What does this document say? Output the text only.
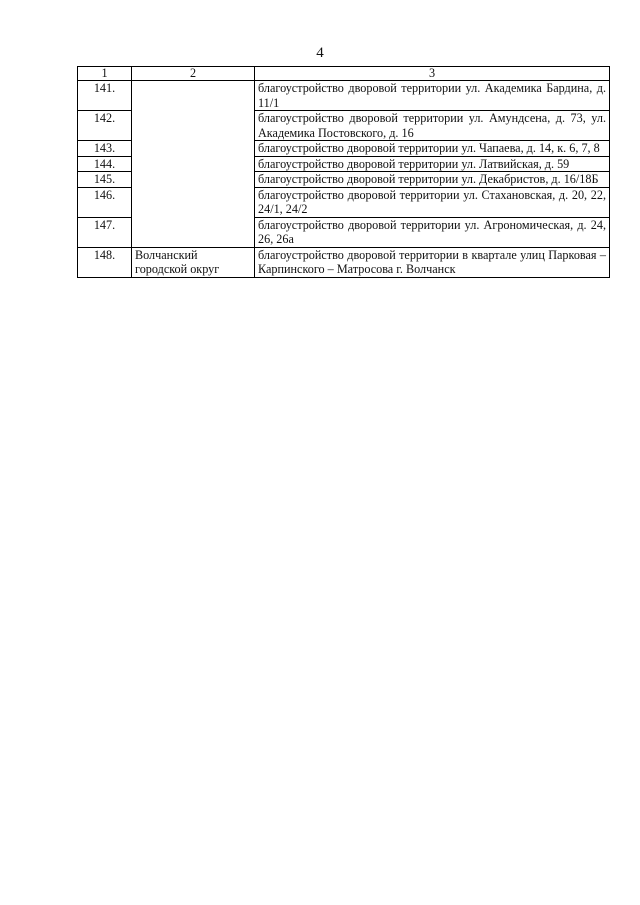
4
1	2	3
141.		благоустройство дворовой территории ул. Академика Бардина, д. 11/1
142.		благоустройство дворовой территории ул. Амундсена, д. 73, ул. Академика Постовского, д. 16
143.		благоустройство дворовой территории ул. Чапаева, д. 14, к. 6, 7, 8
144.		благоустройство дворовой территории ул. Латвийская, д. 59
145.		благоустройство дворовой территории ул. Декабристов, д. 16/18Б
146.		благоустройство дворовой территории ул. Стахановская, д. 20, 22, 24/1, 24/2
147.		благоустройство дворовой территории ул. Агрономическая, д. 24, 26, 26а
148.	Волчанский городской округ	благоустройство дворовой территории в квартале улиц Парковая – Карпинского – Матросова г. Волчанск
